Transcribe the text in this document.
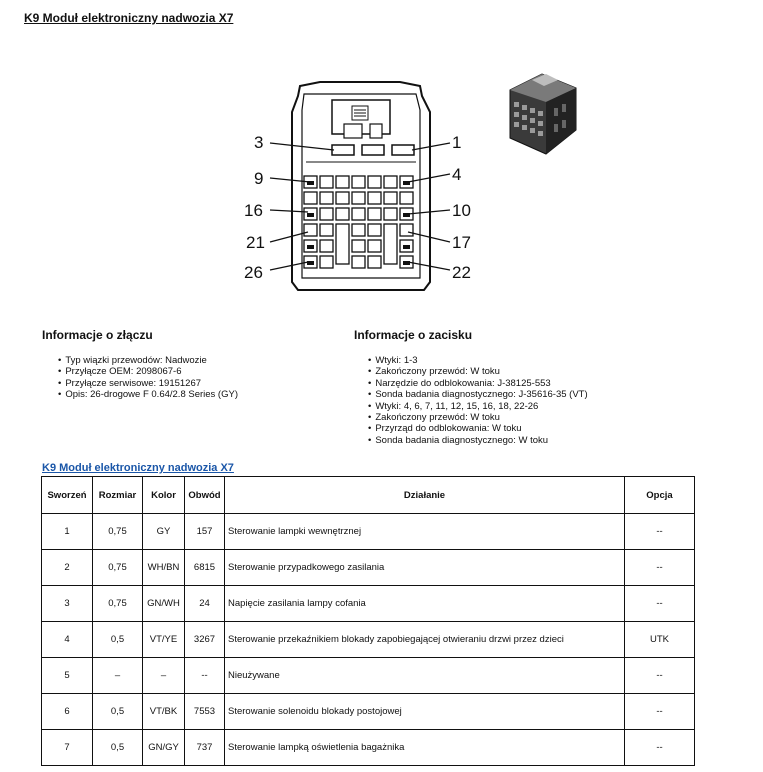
K9 Moduł elektroniczny nadwozia X7
3	1
9	4
16	10
21	17
26	22
Informacje o złączu
• Typ wiązki przewodów: Nadwozie
• Przyłącze OEM: 2098067-6
• Przyłącze serwisowe: 19151267
• Opis: 26-drogowe F 0.64/2.8 Series (GY)
Informacje o zacisku
• Wtyki: 1-3
• Zakończony przewód: W toku
• Narzędzie do odblokowania: J-38125-553
• Sonda badania diagnostycznego: J-35616-35 (VT)
• Wtyki: 4, 6, 7, 11, 12, 15, 16, 18, 22-26
• Zakończony przewód: W toku
• Przyrząd do odblokowania: W toku
• Sonda badania diagnostycznego: W toku
K9 Moduł elektroniczny nadwozia X7
Sworzeń	Rozmiar	Kolor	Obwód	Działanie	Opcja
1	0,75	GY	157	Sterowanie lampki wewnętrznej	--
2	0,75	WH/BN	6815	Sterowanie przypadkowego zasilania	--
3	0,75	GN/WH	24	Napięcie zasilania lampy cofania	--
4	0,5	VT/YE	3267	Sterowanie przekaźnikiem blokady zapobiegającej otwieraniu drzwi przez dzieci	UTK
5	–	–	--	Nieużywane	--
6	0,5	VT/BK	7553	Sterowanie solenoidu blokady postojowej	--
7	0,5	GN/GY	737	Sterowanie lampką oświetlenia bagażnika	--
